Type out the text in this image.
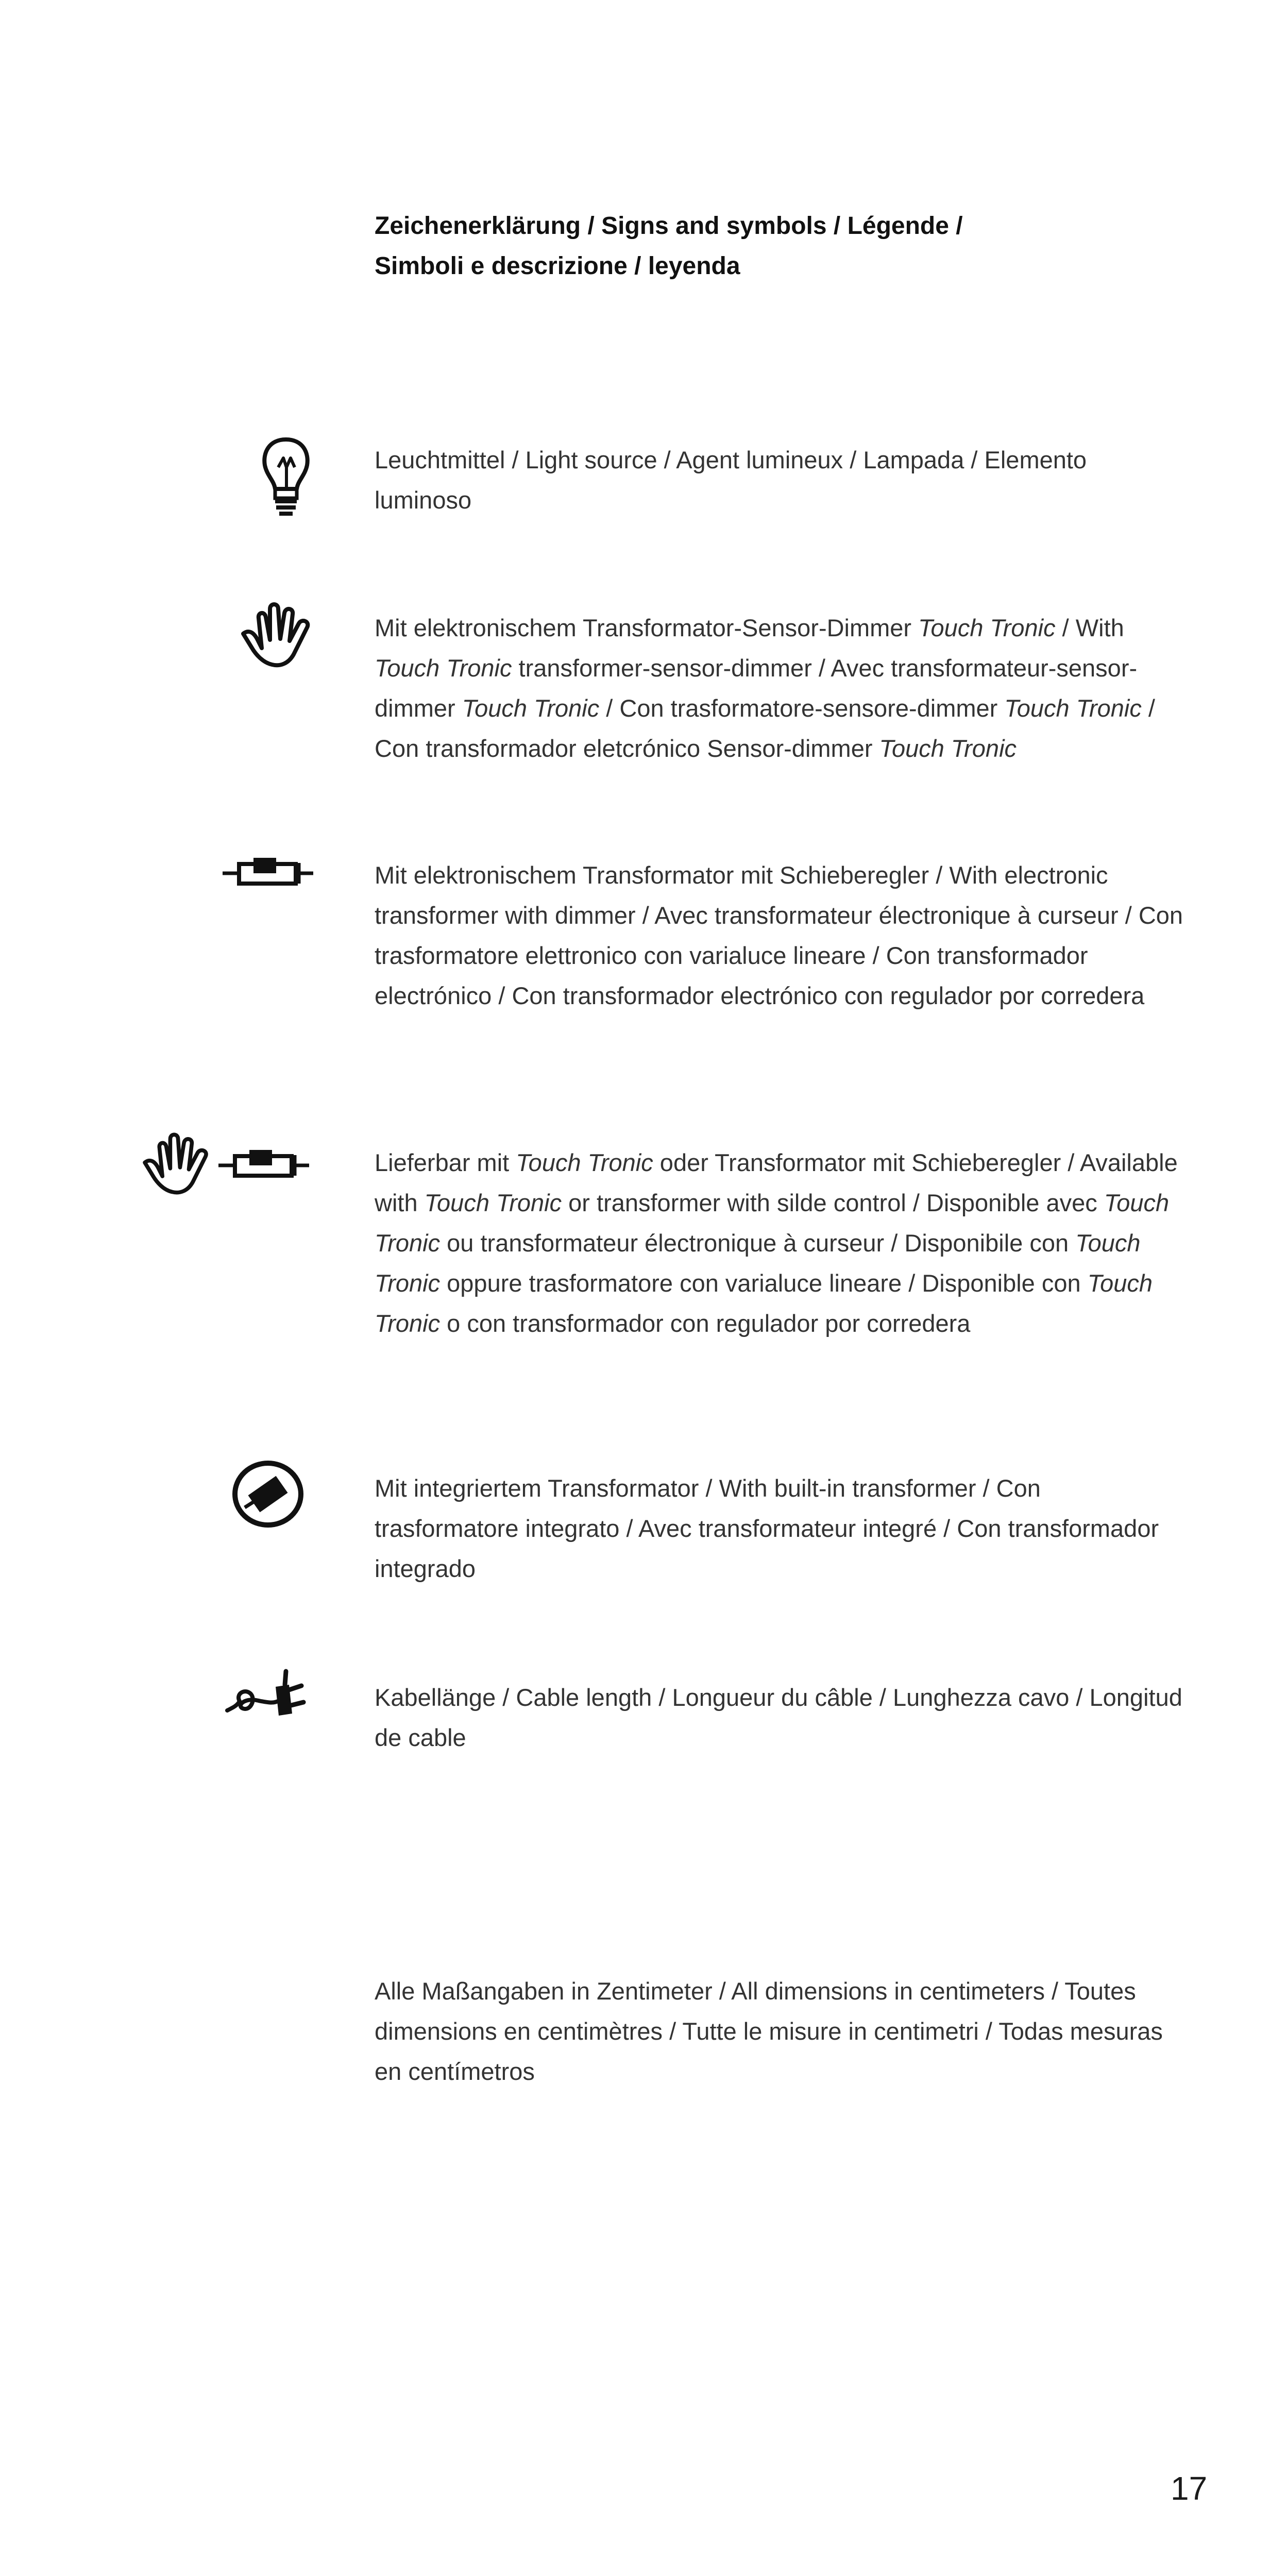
Zeichenerklärung / Signs and symbols / Légende /
Simboli e descrizione / leyenda

Leuchtmittel / Light source / Agent lumineux / Lampada / Elemento luminoso

Mit elektronischem Transformator-Sensor-Dimmer Touch Tronic / With Touch Tronic transformer-sensor-dimmer / Avec transformateur-sensor-dimmer Touch Tronic / Con trasformatore-sensore-dimmer Touch Tronic / Con transformador eletcrónico Sensor-dimmer Touch Tronic

Mit elektronischem Transformator mit Schieberegler / With electronic transformer with dimmer / Avec transformateur électronique à curseur / Con trasformatore elettronico con varialuce lineare / Con transformador electrónico / Con transformador electrónico con regulador por corredera

Lieferbar mit Touch Tronic oder Transformator mit Schieberegler / Available with Touch Tronic or transformer with silde control / Disponible avec Touch Tronic ou transformateur électronique à curseur / Disponibile con Touch Tronic oppure trasformatore con varialuce lineare / Disponible con Touch Tronic o con transformador con regulador por corredera

Mit integriertem Transformator / With built-in transformer / Con trasformatore integrato / Avec transformateur integré / Con transformador integrado

Kabellänge / Cable length / Longueur du câble / Lunghezza cavo / Longitud de cable

Alle Maßangaben in Zentimeter / All dimensions in centimeters / Toutes dimensions en centimètres / Tutte le misure in centimetri / Todas mesuras en centímetros

17
